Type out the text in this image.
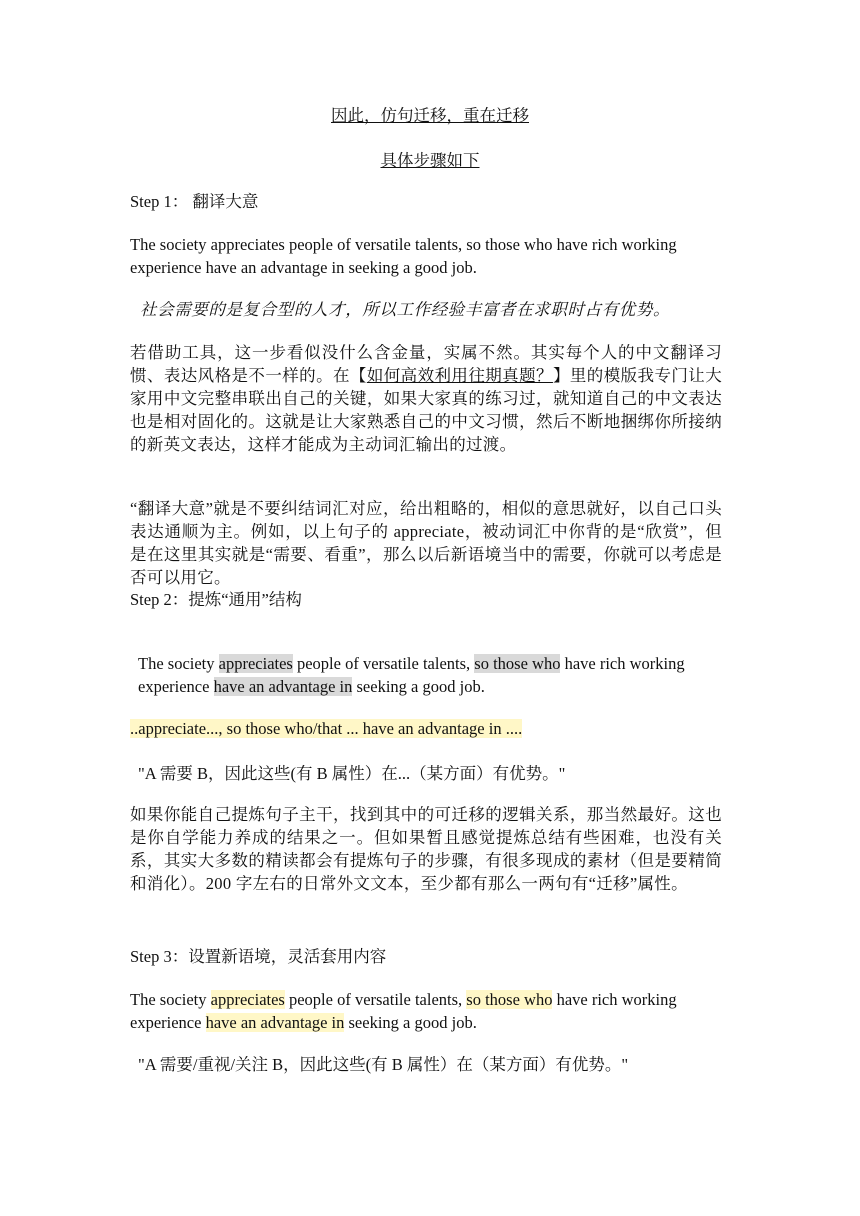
因此，仿句迁移，重在迁移
具体步骤如下

Step 1： 翻译大意

The society appreciates people of versatile talents, so those who have rich working experience have an advantage in seeking a good job.

社会需要的是复合型的人才，所以工作经验丰富者在求职时占有优势。

若借助工具，这一步看似没什么含金量，实属不然。其实每个人的中文翻译习惯、表达风格是不一样的。在【如何高效利用往期真题？】里的模版我专门让大家用中文完整串联出自己的关键，如果大家真的练习过，就知道自己的中文表达也是相对固化的。这就是让大家熟悉自己的中文习惯，然后不断地捆绑你所接纳的新英文表达，这样才能成为主动词汇输出的过渡。

“翻译大意”就是不要纠结词汇对应，给出粗略的，相似的意思就好，以自己口头表达通顺为主。例如，以上句子的 appreciate，被动词汇中你背的是“欣赏”，但是在这里其实就是“需要、看重”，那么以后新语境当中的需要，你就可以考虑是否可以用它。

Step 2：提炼“通用”结构

The society appreciates people of versatile talents, so those who have rich working experience have an advantage in seeking a good job.

..appreciate..., so those who/that ... have an advantage in ....

"A 需要 B，因此这些(有 B 属性）在...（某方面）有优势。"

如果你能自己提炼句子主干，找到其中的可迁移的逻辑关系，那当然最好。这也是你自学能力养成的结果之一。但如果暂且感觉提炼总结有些困难，也没有关系，其实大多数的精读都会有提炼句子的步骤，有很多现成的素材（但是要精简和消化）。200 字左右的日常外文文本，至少都有那么一两句有“迁移”属性。

Step 3：设置新语境，灵活套用内容

The society appreciates people of versatile talents, so those who have rich working experience have an advantage in seeking a good job.

"A 需要/重视/关注 B，因此这些(有 B 属性）在（某方面）有优势。"
